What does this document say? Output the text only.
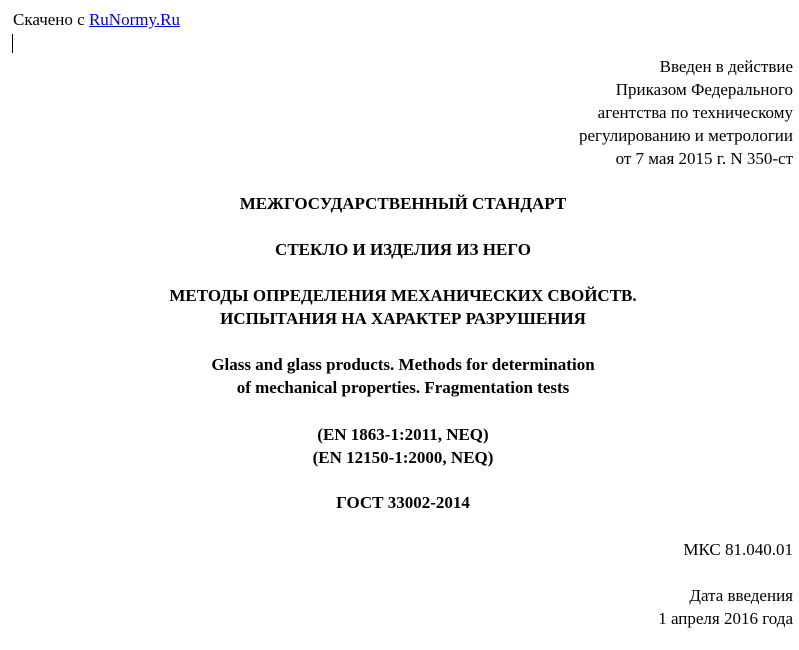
Скачено с RuNormy.Ru
Введен в действие
Приказом Федерального
агентства по техническому
регулированию и метрологии
от 7 мая 2015 г. N 350-ст
МЕЖГОСУДАРСТВЕННЫЙ СТАНДАРТ
СТЕКЛО И ИЗДЕЛИЯ ИЗ НЕГО
МЕТОДЫ ОПРЕДЕЛЕНИЯ МЕХАНИЧЕСКИХ СВОЙСТВ.
ИСПЫТАНИЯ НА ХАРАКТЕР РАЗРУШЕНИЯ
Glass and glass products. Methods for determination
of mechanical properties. Fragmentation tests
(EN 1863-1:2011, NEQ)
(EN 12150-1:2000, NEQ)
ГОСТ 33002-2014
МКС 81.040.01
Дата введения
1 апреля 2016 года
